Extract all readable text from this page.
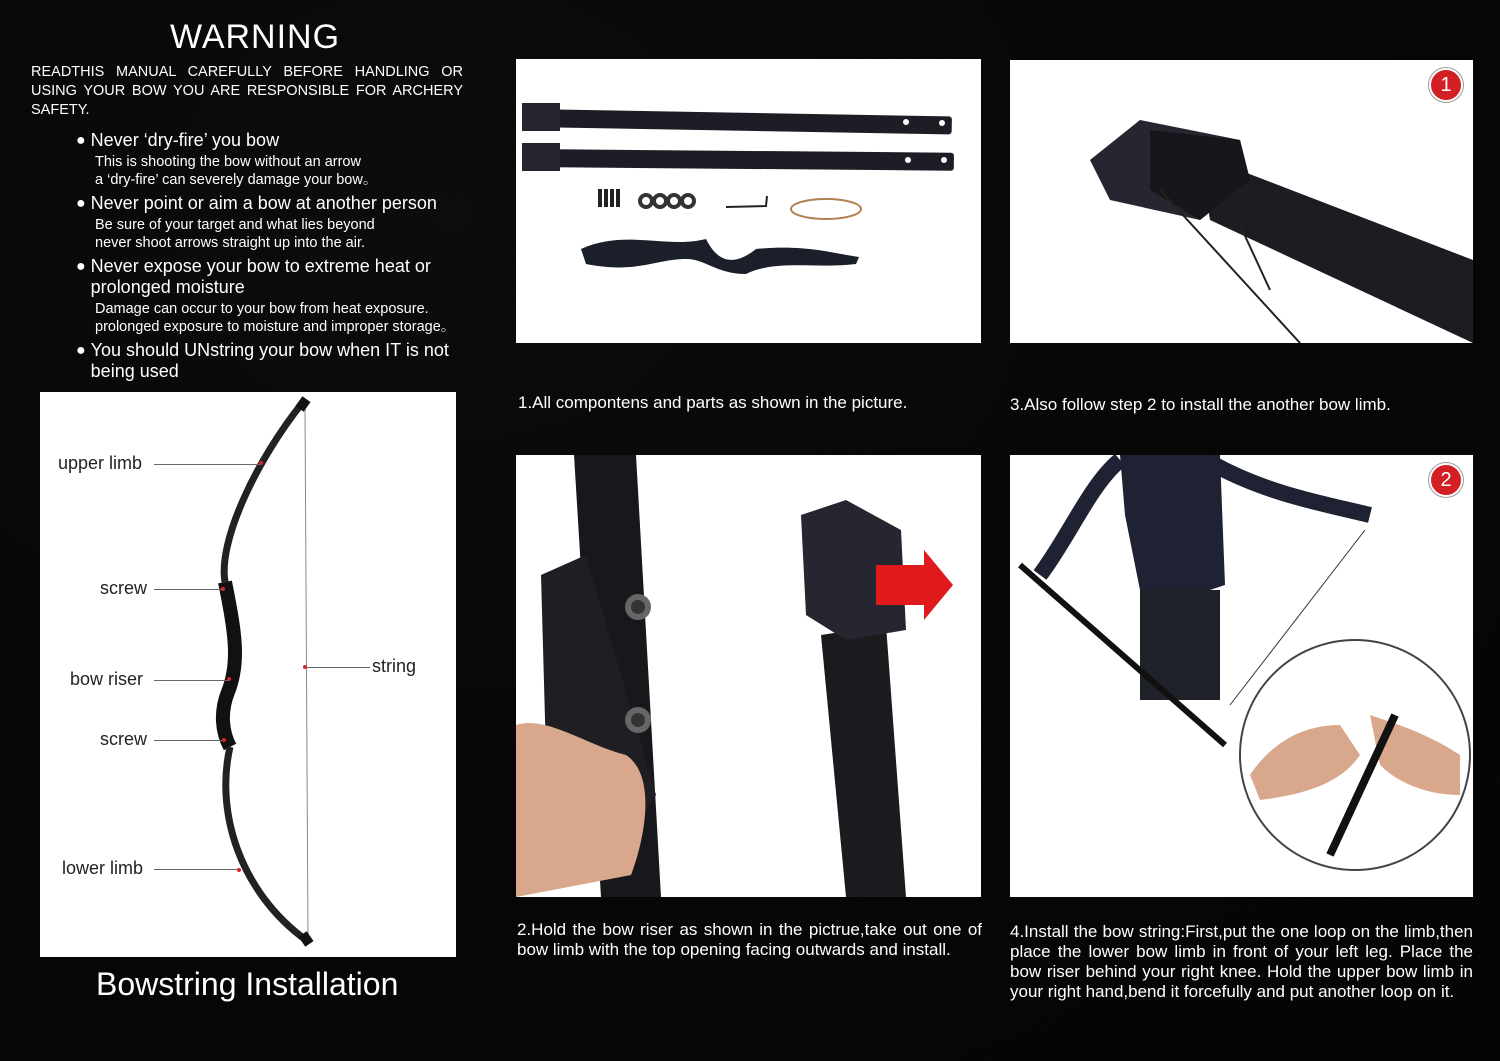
WARNING
READTHIS MANUAL CAREFULLY BEFORE HANDLING OR USING YOUR BOW YOU ARE RESPONSIBLE FOR ARCHERY SAFETY.
● Never ‘dry-fire’ you bow
This is shooting the bow without an arrow
a ‘dry-fire’ can severely damage your bow。
● Never point or aim a bow at another person
Be sure of your target and what lies beyond
never shoot arrows straight up into the air.
● Never expose your bow to extreme heat or prolonged moisture
Damage can occur to your bow from heat exposure.
prolonged exposure to moisture and improper storage。
● You should UNstring your bow when IT is not being used
upper limb
screw
bow riser
screw
lower limb
string
Bowstring Installation
1.All compontens and parts as shown in the picture.
1
3.Also follow step 2 to install the another bow limb.
2.Hold the bow riser as shown in the pictrue,take out one of bow limb with the top opening facing outwards and install.
2
4.Install the bow string:First,put the one loop on the limb,then place the lower bow limb in front of your left leg. Place the bow riser behind your right knee. Hold the upper bow limb in your right hand,bend it forcefully and put another loop on it.
